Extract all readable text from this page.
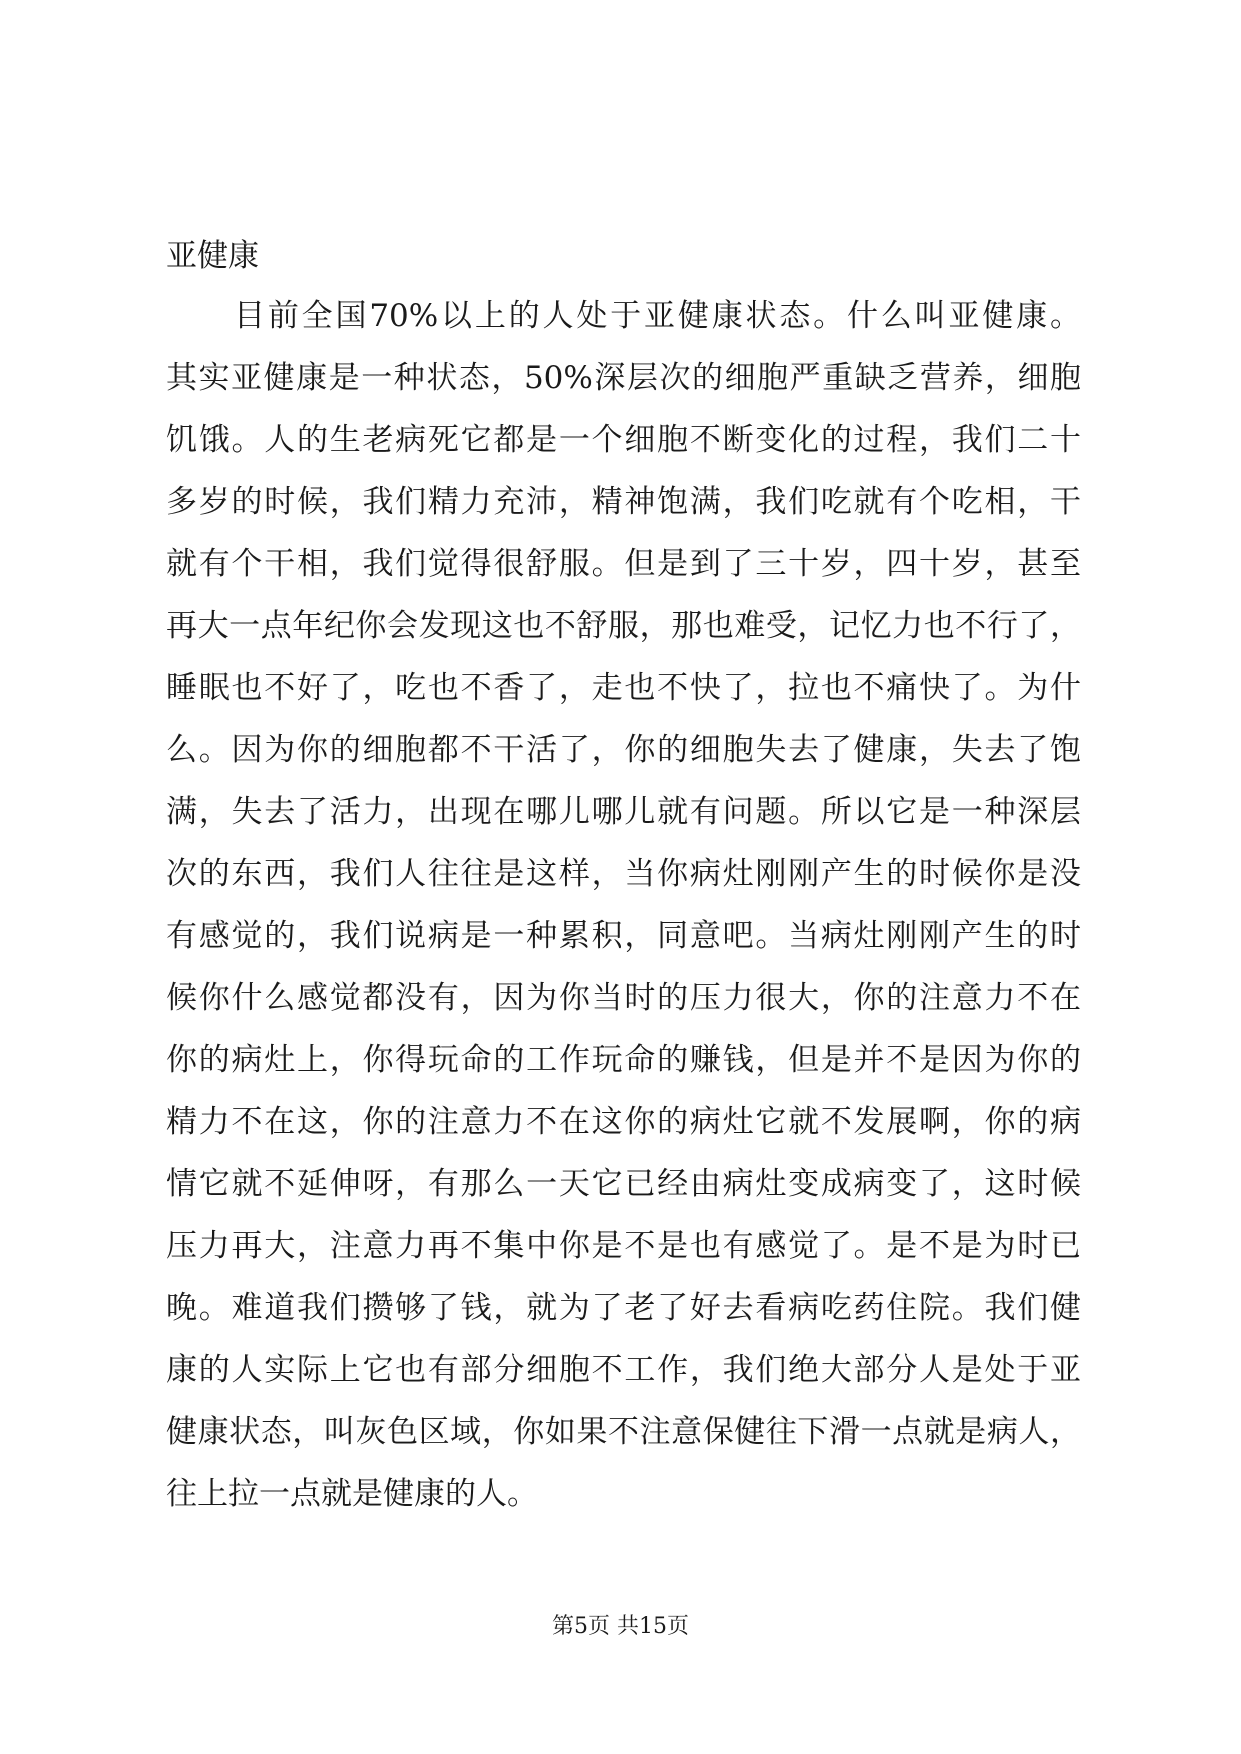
亚健康
目前全国70%以上的人处于亚健康状态。什么叫亚健康。
其实亚健康是一种状态，50%深层次的细胞严重缺乏营养，细胞
饥饿。人的生老病死它都是一个细胞不断变化的过程，我们二十
多岁的时候，我们精力充沛，精神饱满，我们吃就有个吃相，干
就有个干相，我们觉得很舒服。但是到了三十岁，四十岁，甚至
再大一点年纪你会发现这也不舒服，那也难受，记忆力也不行了，
睡眠也不好了，吃也不香了，走也不快了，拉也不痛快了。为什
么。因为你的细胞都不干活了，你的细胞失去了健康，失去了饱
满，失去了活力，出现在哪儿哪儿就有问题。所以它是一种深层
次的东西，我们人往往是这样，当你病灶刚刚产生的时候你是没
有感觉的，我们说病是一种累积，同意吧。当病灶刚刚产生的时
候你什么感觉都没有，因为你当时的压力很大，你的注意力不在
你的病灶上，你得玩命的工作玩命的赚钱，但是并不是因为你的
精力不在这，你的注意力不在这你的病灶它就不发展啊，你的病
情它就不延伸呀，有那么一天它已经由病灶变成病变了，这时候
压力再大，注意力再不集中你是不是也有感觉了。是不是为时已
晚。难道我们攒够了钱，就为了老了好去看病吃药住院。我们健
康的人实际上它也有部分细胞不工作，我们绝大部分人是处于亚
健康状态，叫灰色区域，你如果不注意保健往下滑一点就是病人，
往上拉一点就是健康的人。
第5页 共15页
